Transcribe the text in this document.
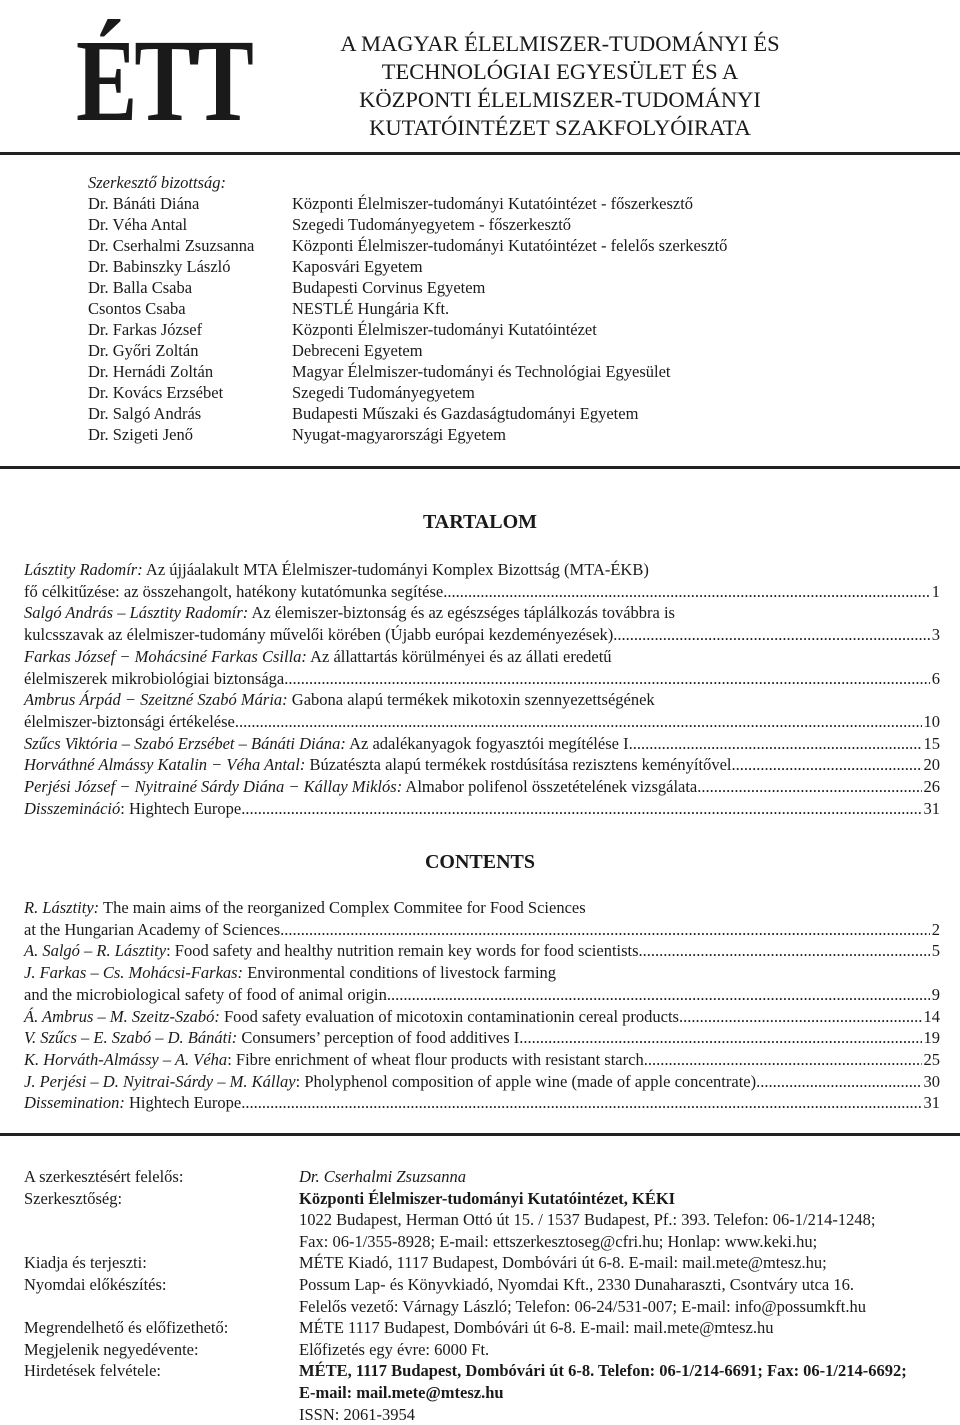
ÉTT	A MAGYAR ÉLELMISZER-TUDOMÁNYI ÉS
TECHNOLÓGIAI EGYESÜLET ÉS A
KÖZPONTI ÉLELMISZER-TUDOMÁNYI
KUTATÓINTÉZET SZAKFOLYÓIRATA
Szerkesztő bizottság:
Dr. Bánáti Diána	Központi Élelmiszer-tudományi Kutatóintézet - főszerkesztő
Dr. Véha Antal	Szegedi Tudományegyetem - főszerkesztő
Dr. Cserhalmi Zsuzsanna	Központi Élelmiszer-tudományi Kutatóintézet - felelős szerkesztő
Dr. Babinszky László	Kaposvári Egyetem
Dr. Balla Csaba	Budapesti Corvinus Egyetem
Csontos Csaba	NESTLÉ Hungária Kft.
Dr. Farkas József	Központi Élelmiszer-tudományi Kutatóintézet
Dr. Győri Zoltán	Debreceni Egyetem
Dr. Hernádi Zoltán	Magyar Élelmiszer-tudományi és Technológiai Egyesület
Dr. Kovács Erzsébet	Szegedi Tudományegyetem
Dr. Salgó András	Budapesti Műszaki és Gazdaságtudományi Egyetem
Dr. Szigeti Jenő	Nyugat-magyarországi Egyetem
TARTALOM
Lásztity Radomír: Az újjáalakult MTA Élelmiszer-tudományi Komplex Bizottság (MTA-ÉKB)
fő célkitűzése: az összehangolt, hatékony kutatómunka segítése .....	1
Salgó András – Lásztity Radomír: Az élemiszer-biztonság és az egészséges táplálkozás továbbra is
kulcsszavak az élelmiszer-tudomány művelői körében (Újabb európai kezdeményezések) .....	3
Farkas József − Mohácsiné Farkas Csilla: Az állattartás körülményei és az állati eredetű
élelmiszerek mikrobiológiai biztonsága .....	6
Ambrus Árpád − Szeitzné Szabó Mária: Gabona alapú termékek mikotoxin szennyezettségének
élelmiszer-biztonsági értékelése .....	10
Szűcs Viktória – Szabó Erzsébet – Bánáti Diána: Az adalékanyagok fogyasztói megítélése I. .....	15
Horváthné Almássy Katalin − Véha Antal: Búzatészta alapú termékek rostdúsítása rezisztens keményítővel .....	20
Perjési József − Nyitrainé Sárdy Diána − Kállay Miklós: Almabor polifenol összetételének vizsgálata .....	26
Disszemináció: Hightech Europe .....	31
CONTENTS
R. Lásztity: The main aims of the reorganized Complex Commitee for Food Sciences
at the Hungarian Academy of Sciences .....	2
A. Salgó – R. Lásztity: Food safety and healthy nutrition remain key words for food scientists .....	5
J. Farkas – Cs. Mohácsi-Farkas: Environmental conditions of livestock farming
and the microbiological safety of food of animal origin .....	9
Á. Ambrus – M. Szeitz-Szabó: Food safety evaluation of micotoxin contaminationin cereal products .....	14
V. Szűcs – E. Szabó – D. Bánáti: Consumers’ perception of food additives I. .....	19
K. Horváth-Almássy – A. Véha: Fibre enrichment of wheat flour products with resistant starch .....	25
J. Perjési – D. Nyitrai-Sárdy – M. Kállay: Pholyphenol composition of apple wine (made of apple concentrate) .....	30
Dissemination: Hightech Europe .....	31
A szerkesztésért felelős:	Dr. Cserhalmi Zsuzsanna
Szerkesztőség:	Központi Élelmiszer-tudományi Kutatóintézet, KÉKI
1022 Budapest, Herman Ottó út 15. / 1537 Budapest, Pf.: 393. Telefon: 06-1/214-1248;
Fax: 06-1/355-8928; E-mail: ettszerkesztoseg@cfri.hu; Honlap: www.keki.hu;
Kiadja és terjeszti:	MÉTE Kiadó, 1117 Budapest, Dombóvári út 6-8. E-mail: mail.mete@mtesz.hu;
Nyomdai előkészítés:	Possum Lap- és Könyvkiadó, Nyomdai Kft., 2330 Dunaharaszti, Csontváry utca 16.
Felelős vezető: Várnagy László; Telefon: 06-24/531-007; E-mail: info@possumkft.hu
Megrendelhető és előfizethető:	MÉTE 1117 Budapest, Dombóvári út 6-8. E-mail: mail.mete@mtesz.hu
Megjelenik negyedévente:	Előfizetés egy évre: 6000 Ft.
Hirdetések felvétele:	MÉTE, 1117 Budapest, Dombóvári út 6-8. Telefon: 06-1/214-6691; Fax: 06-1/214-6692;
E-mail: mail.mete@mtesz.hu
ISSN: 2061-3954
